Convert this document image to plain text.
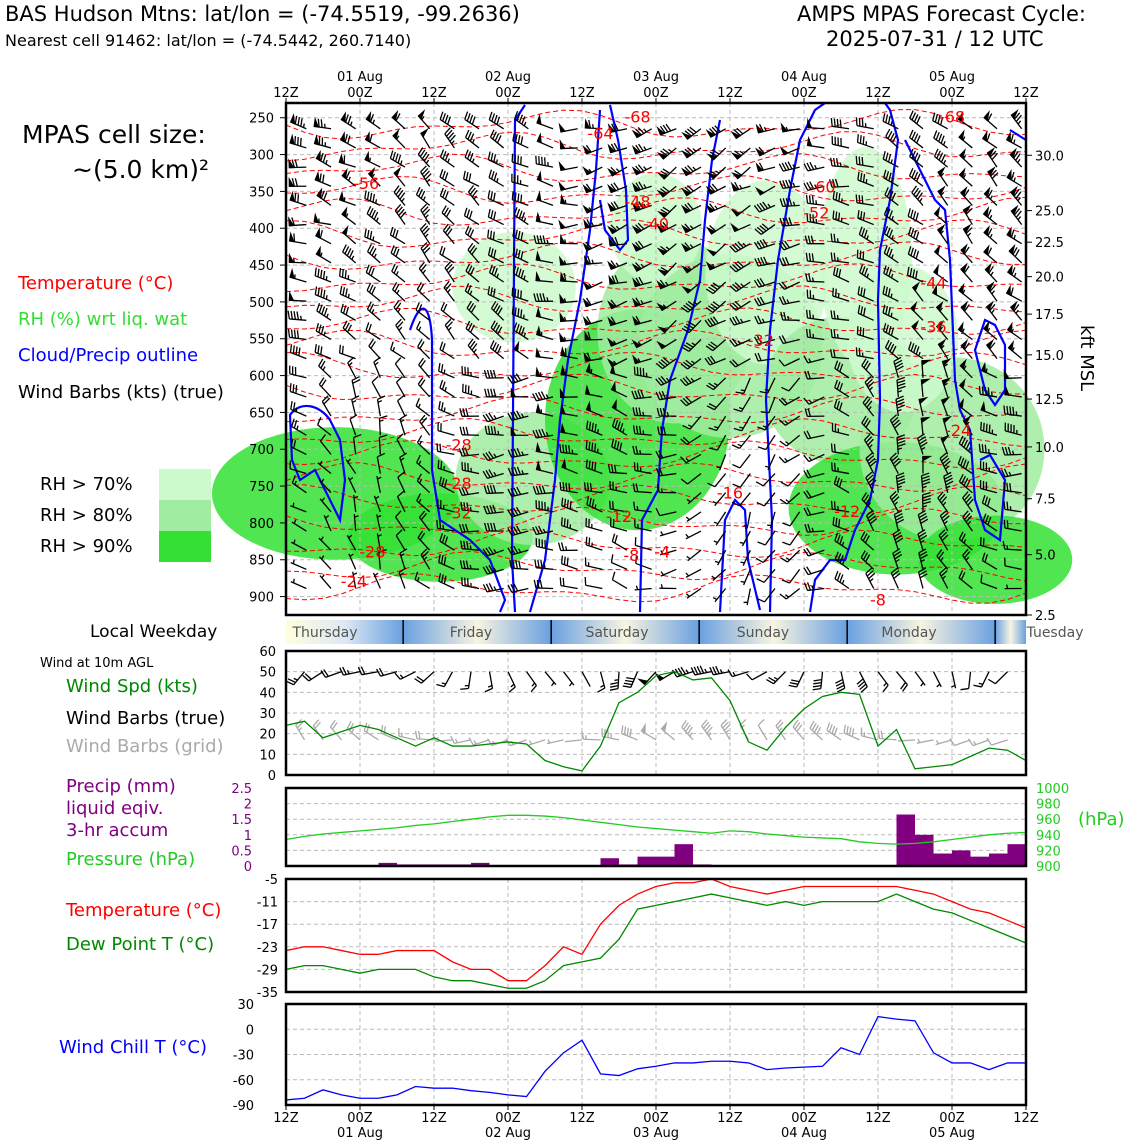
BAS Hudson Mtns: lat/lon = (-74.5519, -99.2636)
Nearest cell 91462: lat/lon = (-74.5442, 260.7140)
AMPS MPAS Forecast Cycle:
2025-07-31 / 12 UTC
MPAS cell size:
~(5.0 km)²
Temperature (°C)
RH (%) wrt liq. wat
Cloud/Precip outline
Wind Barbs (kts) (true)
RH > 70%
RH > 80%
RH > 90%
Local Weekday
Wind at 10m AGL
Wind Spd (kts)
Wind Barbs (true)
Wind Barbs (grid)
Precip (mm)
liquid eqiv.
3-hr accum
Pressure (hPa)
(hPa)
Temperature (°C)
Dew Point T (°C)
Wind Chill T (°C)
kft MSL
12Z	00Z	12Z	00Z	12Z	00Z	12Z	00Z	12Z	00Z	12Z
01 Aug	02 Aug	03 Aug	04 Aug	05 Aug
-56
-48
-40
-60
-52
-44
-36
-24
-28
-28
-32
-28
-24
-12
-8 -4
-16
-12
-68	-68
-64
-32
-8
250
300
350
400
450
500
550
600
650
700
750
800
850
900
30.0
25.0
22.5
20.0
17.5
15.0
12.5
10.0
7.5
5.0
2.5
Thursday	Friday	Saturday	Sunday	Monday	Tuesday
0
10
20
30
40
50
60
0
0.5
1
1.5
2
2.5
900
920
940
960
980
1000
-5
-11
-17
-23
-29
-35
30
0
-30
-60
-90
12Z	00Z	12Z	00Z	12Z	00Z	12Z	00Z	12Z	00Z	12Z
01 Aug	02 Aug	03 Aug	04 Aug	05 Aug
